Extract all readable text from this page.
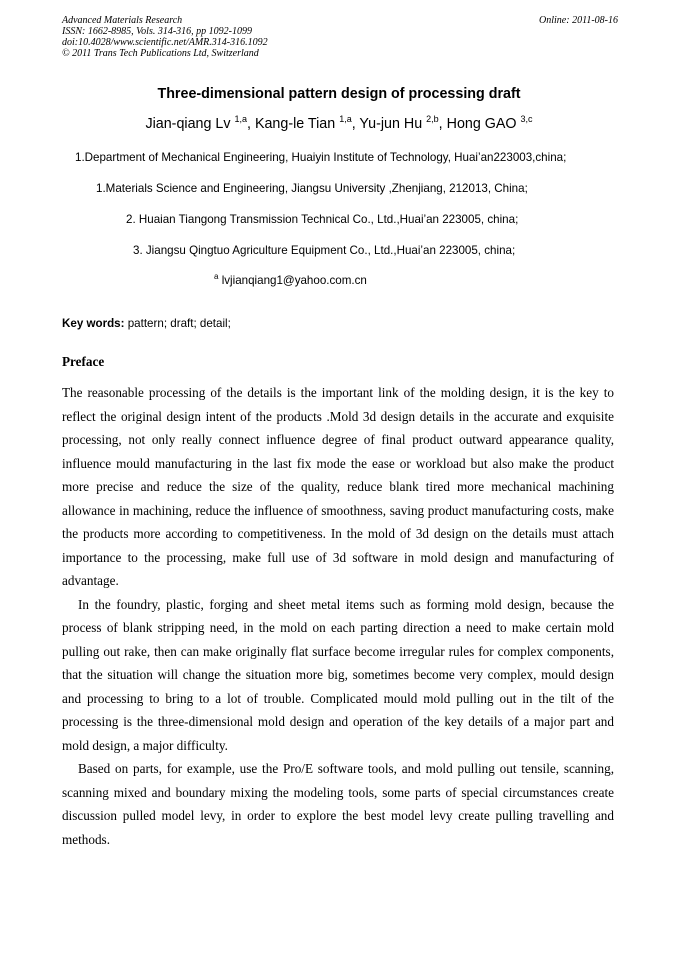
Advanced Materials Research
ISSN: 1662-8985, Vols. 314-316, pp 1092-1099
doi:10.4028/www.scientific.net/AMR.314-316.1092
© 2011 Trans Tech Publications Ltd, Switzerland
Online: 2011-08-16
Three-dimensional pattern design of processing draft
Jian-qiang Lv $^{1,a}$, Kang-le Tian $^{1,a}$, Yu-jun Hu $^{2,b}$, Hong GAO $^{3,c}$
1.Department of Mechanical Engineering, Huaiyin Institute of Technology, Huai’an223003,china;
1.Materials Science and Engineering, Jiangsu University ,Zhenjiang, 212013, China;
2. Huaian Tiangong Transmission Technical Co., Ltd.,Huai’an 223005, china;
3. Jiangsu Qingtuo Agriculture Equipment Co., Ltd.,Huai’an 223005, china;
$^a$ lvjianqiang1@yahoo.com.cn
Key words: pattern; draft; detail;
Preface

The reasonable processing of the details is the important link of the molding design, it is the key to reflect the original design intent of the products .Mold 3d design details in the accurate and exquisite processing, not only really connect influence degree of final product outward appearance quality, influence mould manufacturing in the last fix mode the ease or workload but also make the product more precise and reduce the size of the quality, reduce blank tired more mechanical machining allowance in machining, reduce the influence of smoothness, saving product manufacturing costs, make the products more according to competitiveness. In the mold of 3d design on the details must attach importance to the processing, make full use of 3d software in mold design and manufacturing of advantage.

In the foundry, plastic, forging and sheet metal items such as forming mold design, because the process of blank stripping need, in the mold on each parting direction a need to make certain mold pulling out rake, then can make originally flat surface become irregular rules for complex components, that the situation will change the situation more big, sometimes become very complex, mould design and processing to bring to a lot of trouble. Complicated mould mold pulling out in the tilt of the processing is the three-dimensional mold design and operation of the key details of a major part and mold design, a major difficulty.

Based on parts, for example, use the Pro/E software tools, and mold pulling out tensile, scanning, scanning mixed and boundary mixing the modeling tools, some parts of special circumstances create discussion pulled model levy, in order to explore the best model levy create pulling travelling and methods.
